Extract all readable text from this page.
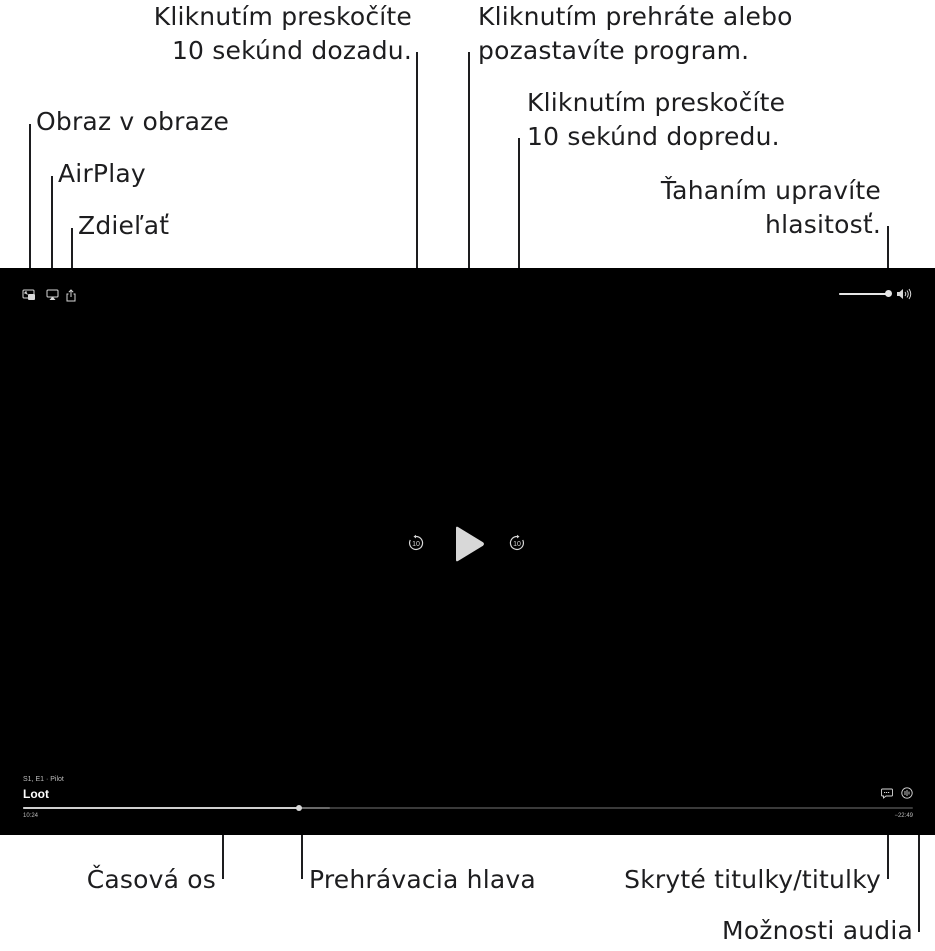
Obraz v obraze
AirPlay
Zdieľať
Kliknutím preskočíte
10 sekúnd dozadu.
Kliknutím prehráte alebo
pozastavíte program.
Kliknutím preskočíte
10 sekúnd dopredu.
Ťahaním upravíte
hlasitosť.
Časová os	Prehrávacia hlava	Skryté titulky/titulky
Možnosti audia
10	10
S1, E1 · Pilot
Loot
10:24	−22:49
